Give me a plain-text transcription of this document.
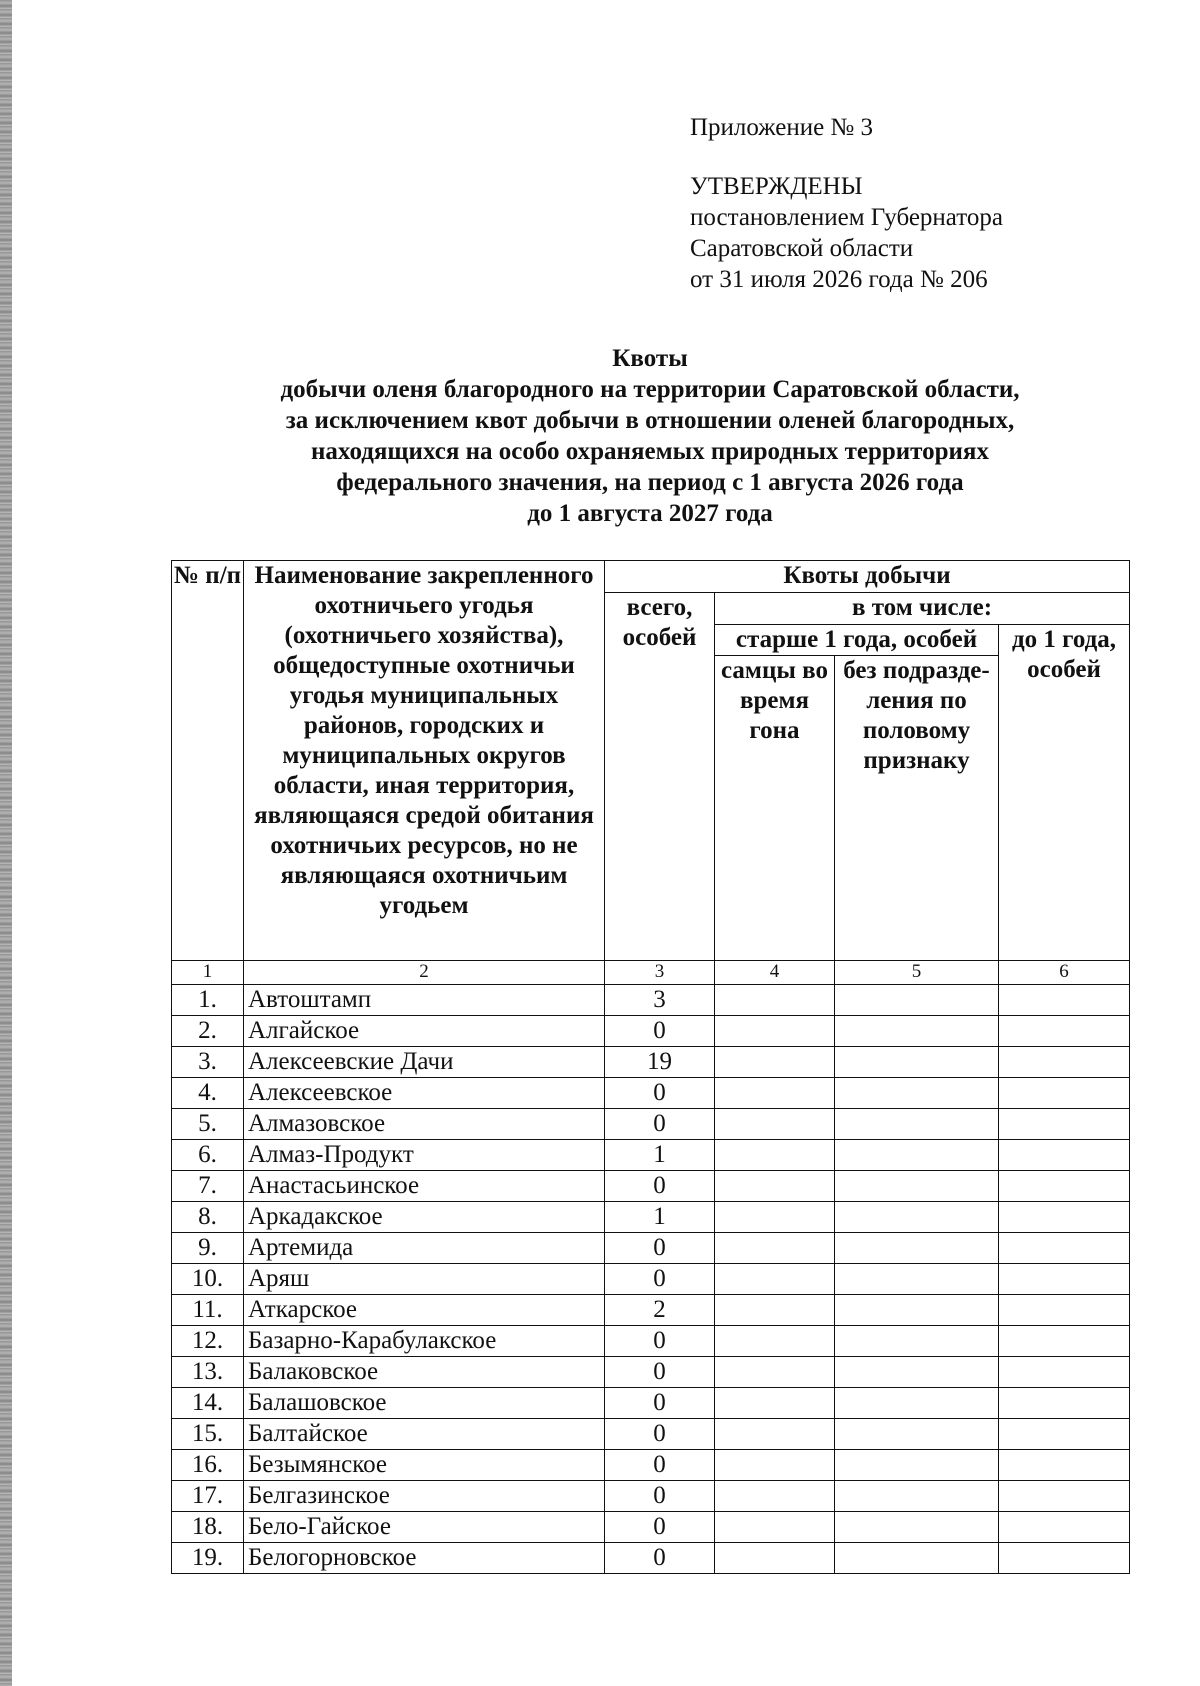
Приложение № 3
УТВЕРЖДЕНЫ
постановлением Губернатора
Саратовской области
от 31 июля 2026 года № 206
Квоты
добычи оленя благородного на территории Саратовской области,
за исключением квот добычи в отношении оленей благородных,
находящихся на особо охраняемых природных территориях
федерального значения, на период с 1 августа 2026 года
до 1 августа 2027 года
№ п/п	Наименование закрепленного охотничьего угодья (охотничьего хозяйства), общедоступные охотничьи угодья муниципальных районов, городских и муниципальных округов области, иная территория, являющаяся средой обитания охотничьих ресурсов, но не являющаяся охотничьим угодьем	Квоты добычи			
		всего, особей	в том числе:		
			старше 1 года, особей		до 1 года, особей
			самцы во время гона	без подразде-ления по половому признаку	
1	2	3	4	5	6
1.	Автоштамп	3			
2.	Алгайское	0			
3.	Алексеевские Дачи	19			
4.	Алексеевское	0			
5.	Алмазовское	0			
6.	Алмаз-Продукт	1			
7.	Анастасьинское	0			
8.	Аркадакское	1			
9.	Артемида	0			
10.	Аряш	0			
11.	Аткарское	2			
12.	Базарно-Карабулакское	0			
13.	Балаковское	0			
14.	Балашовское	0			
15.	Балтайское	0			
16.	Безымянское	0			
17.	Белгазинское	0			
18.	Бело-Гайское	0			
19.	Белогорновское	0			
